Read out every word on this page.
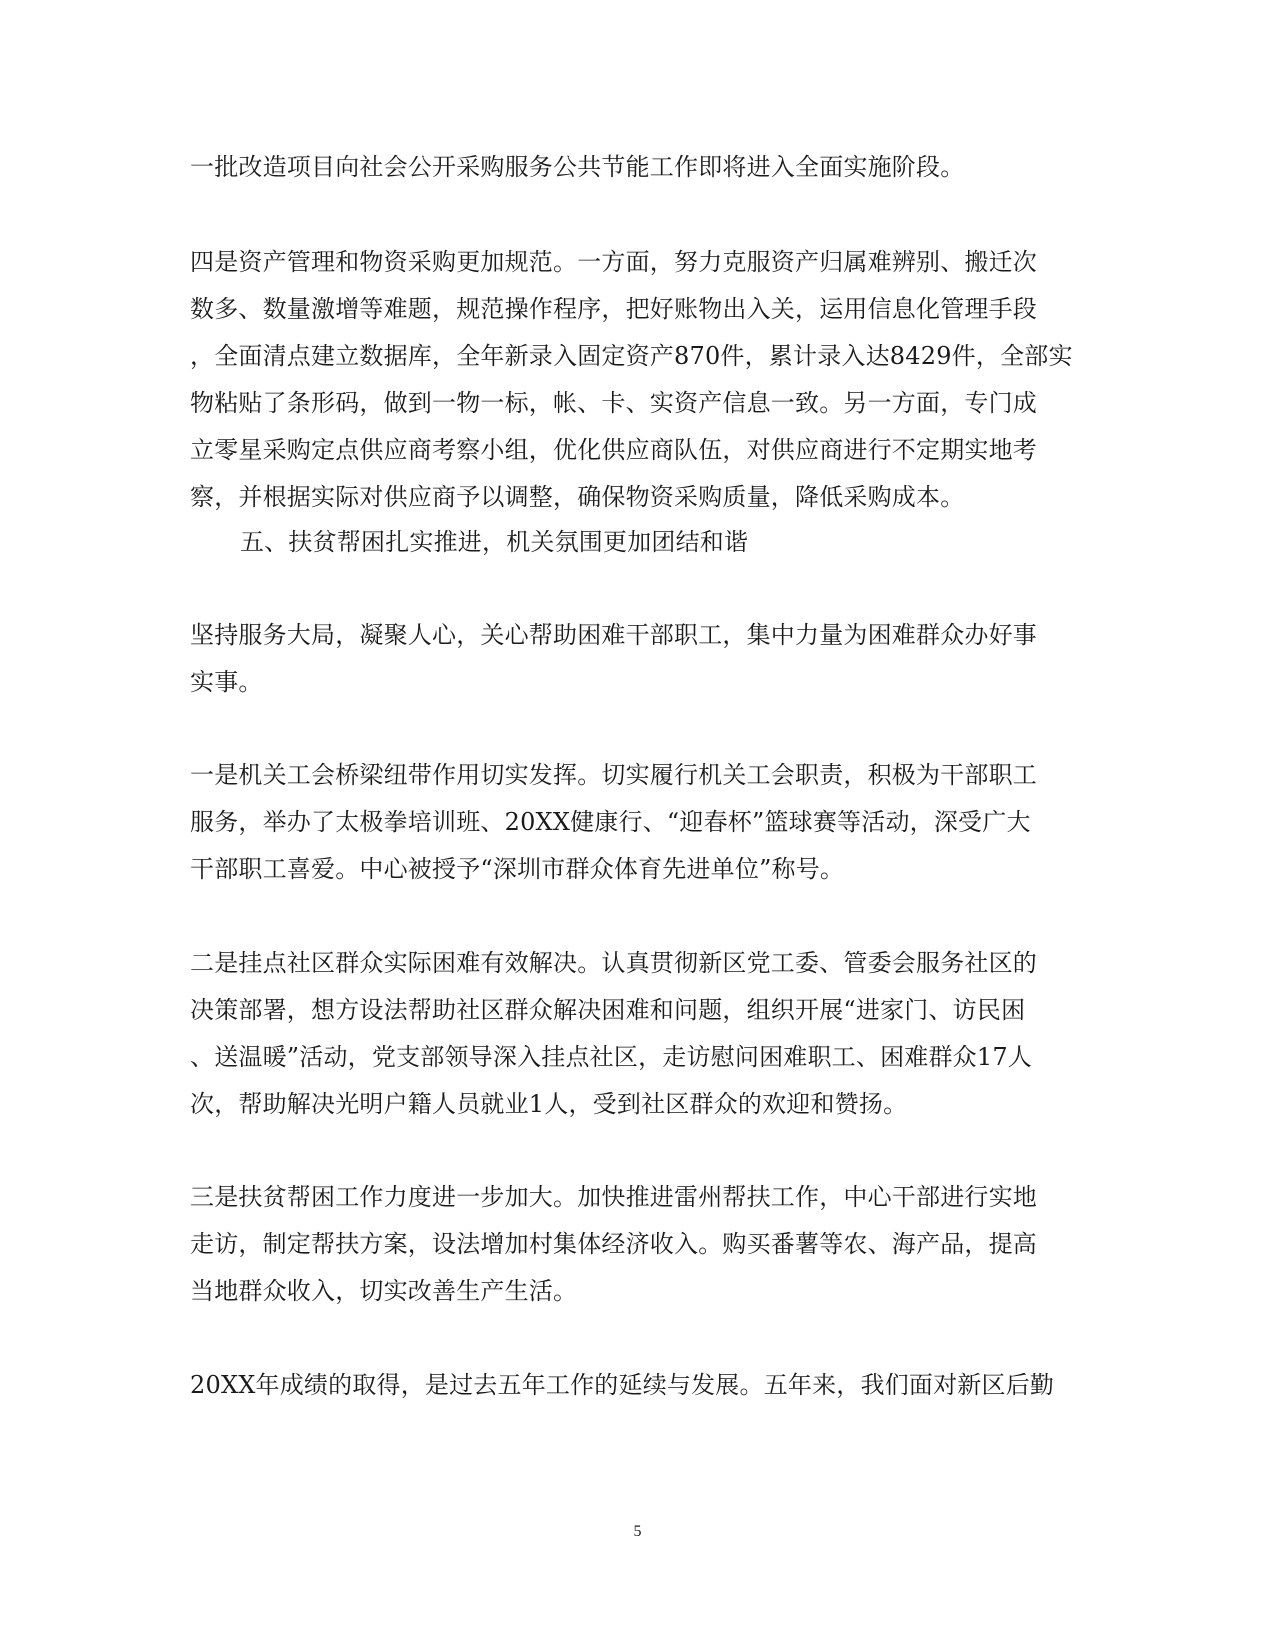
一批改造项目向社会公开采购服务公共节能工作即将进入全面实施阶段。
四是资产管理和物资采购更加规范。一方面，努力克服资产归属难辨别、搬迁次
数多、数量激增等难题，规范操作程序，把好账物出入关，运用信息化管理手段
，全面清点建立数据库，全年新录入固定资产870件，累计录入达8429件，全部实
物粘贴了条形码，做到一物一标，帐、卡、实资产信息一致。另一方面，专门成
立零星采购定点供应商考察小组，优化供应商队伍，对供应商进行不定期实地考
察，并根据实际对供应商予以调整，确保物资采购质量，降低采购成本。
五、扶贫帮困扎实推进，机关氛围更加团结和谐
坚持服务大局，凝聚人心，关心帮助困难干部职工，集中力量为困难群众办好事
实事。
一是机关工会桥梁纽带作用切实发挥。切实履行机关工会职责，积极为干部职工
服务，举办了太极拳培训班、20XX健康行、“迎春杯”篮球赛等活动，深受广大
干部职工喜爱。中心被授予“深圳市群众体育先进单位”称号。
二是挂点社区群众实际困难有效解决。认真贯彻新区党工委、管委会服务社区的
决策部署，想方设法帮助社区群众解决困难和问题，组织开展“进家门、访民困
、送温暖”活动，党支部领导深入挂点社区，走访慰问困难职工、困难群众17人
次，帮助解决光明户籍人员就业1人，受到社区群众的欢迎和赞扬。
三是扶贫帮困工作力度进一步加大。加快推进雷州帮扶工作，中心干部进行实地
走访，制定帮扶方案，设法增加村集体经济收入。购买番薯等农、海产品，提高
当地群众收入，切实改善生产生活。
20XX年成绩的取得，是过去五年工作的延续与发展。五年来，我们面对新区后勤
5
